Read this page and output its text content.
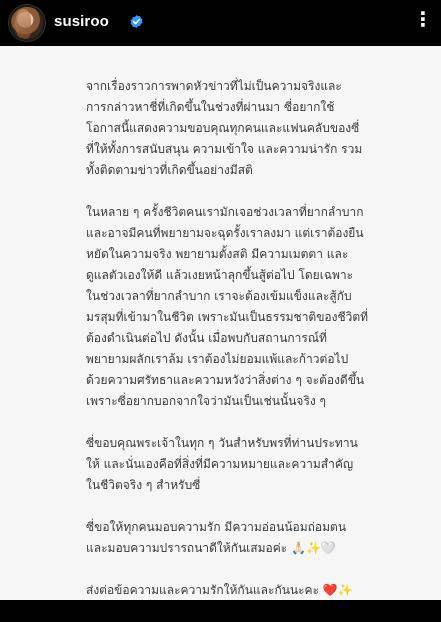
susiroo	⋮
จากเรื่องราวการพาดหัวข่าวที่ไม่เป็นความจริงและ
การกล่าวหาชี่ที่เกิดขึ้นในช่วงที่ผ่านมา ซี่อยากใช้
โอกาสนี้แสดงความขอบคุณทุกคนและแฟนคลับของซี่
ที่ให้ทั้งการสนับสนุน ความเข้าใจ และความน่ารัก รวม
ทั้งติดตามข่าวที่เกิดขึ้นอย่างมีสติ
ในหลาย ๆ ครั้งชีวิตคนเรามักเจอช่วงเวลาที่ยากลำบาก
และอาจมีคนที่พยายามจะฉุดรั้งเราลงมา แต่เราต้องยืน
หยัดในความจริง พยายามตั้งสติ มีความเมตตา และ
ดูแลตัวเองให้ดี แล้วเงยหน้าลุกขึ้นสู้ต่อไป โดยเฉพาะ
ในช่วงเวลาที่ยากลำบาก เราจะต้องเข้มแข็งและสู้กับ
มรสุมที่เข้ามาในชีวิต เพราะมันเป็นธรรมชาติของชีวิตที่
ต้องดำเนินต่อไป ดังนั้น เมื่อพบกับสถานการณ์ที่
พยายามผลักเราล้ม เราต้องไม่ยอมแพ้และก้าวต่อไป
ด้วยความศรัทธาและความหวังว่าสิ่งต่าง ๆ จะต้องดีขึ้น
เพราะซี่อยากบอกจากใจว่ามันเป็นเช่นนั้นจริง ๆ
ซี่ขอบคุณพระเจ้าในทุก ๆ วันสำหรับพรที่ท่านประทาน
ให้ และนั่นเองคือที่สิ่งที่มีความหมายและความสำคัญ
ในชีวิตจริง ๆ สำหรับซี่
ซี่ขอให้ทุกคนมอบความรัก มีความอ่อนน้อมถ่อมตน
และมอบความปรารถนาดีให้กันเสมอค่ะ 🙏🏻✨🤍
ส่งต่อข้อความและความรักให้กันและกันนะคะ ❤️✨
